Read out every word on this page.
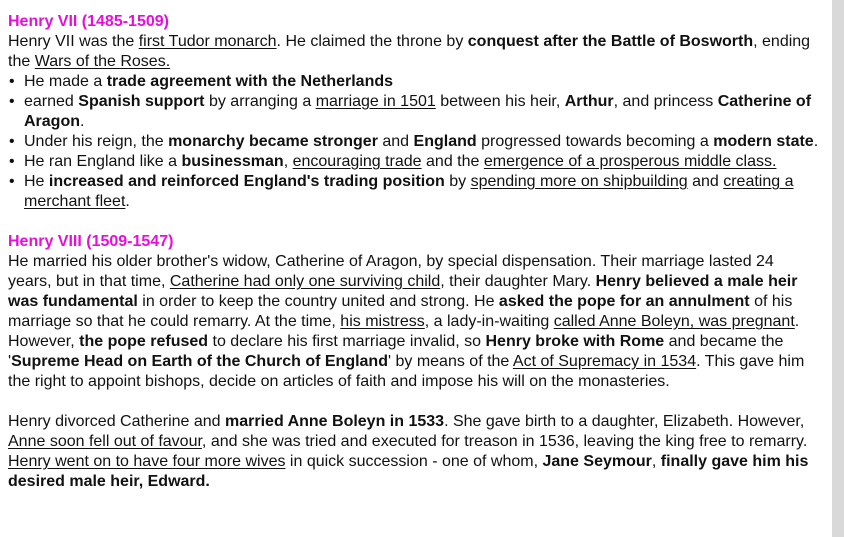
Henry VII (1485-1509)

Henry VII was the first Tudor monarch. He claimed the throne by conquest after the Battle of Bosworth, ending the Wars of the Roses.

• He made a trade agreement with the Netherlands
• earned Spanish support by arranging a marriage in 1501 between his heir, Arthur, and princess Catherine of Aragon.
• Under his reign, the monarchy became stronger and England progressed towards becoming a modern state.
• He ran England like a businessman, encouraging trade and the emergence of a prosperous middle class.
• He increased and reinforced England's trading position by spending more on shipbuilding and creating a merchant fleet.
Henry VIII (1509-1547)

He married his older brother's widow, Catherine of Aragon, by special dispensation. Their marriage lasted 24 years, but in that time, Catherine had only one surviving child, their daughter Mary. Henry believed a male heir was fundamental in order to keep the country united and strong. He asked the pope for an annulment of his marriage so that he could remarry. At the time, his mistress, a lady-in-waiting called Anne Boleyn, was pregnant. However, the pope refused to declare his first marriage invalid, so Henry broke with Rome and became the 'Supreme Head on Earth of the Church of England' by means of the Act of Supremacy in 1534. This gave him the right to appoint bishops, decide on articles of faith and impose his will on the monasteries.

Henry divorced Catherine and married Anne Boleyn in 1533. She gave birth to a daughter, Elizabeth. However, Anne soon fell out of favour, and she was tried and executed for treason in 1536, leaving the king free to remarry. Henry went on to have four more wives in quick succession - one of whom, Jane Seymour, finally gave him his desired male heir, Edward.
